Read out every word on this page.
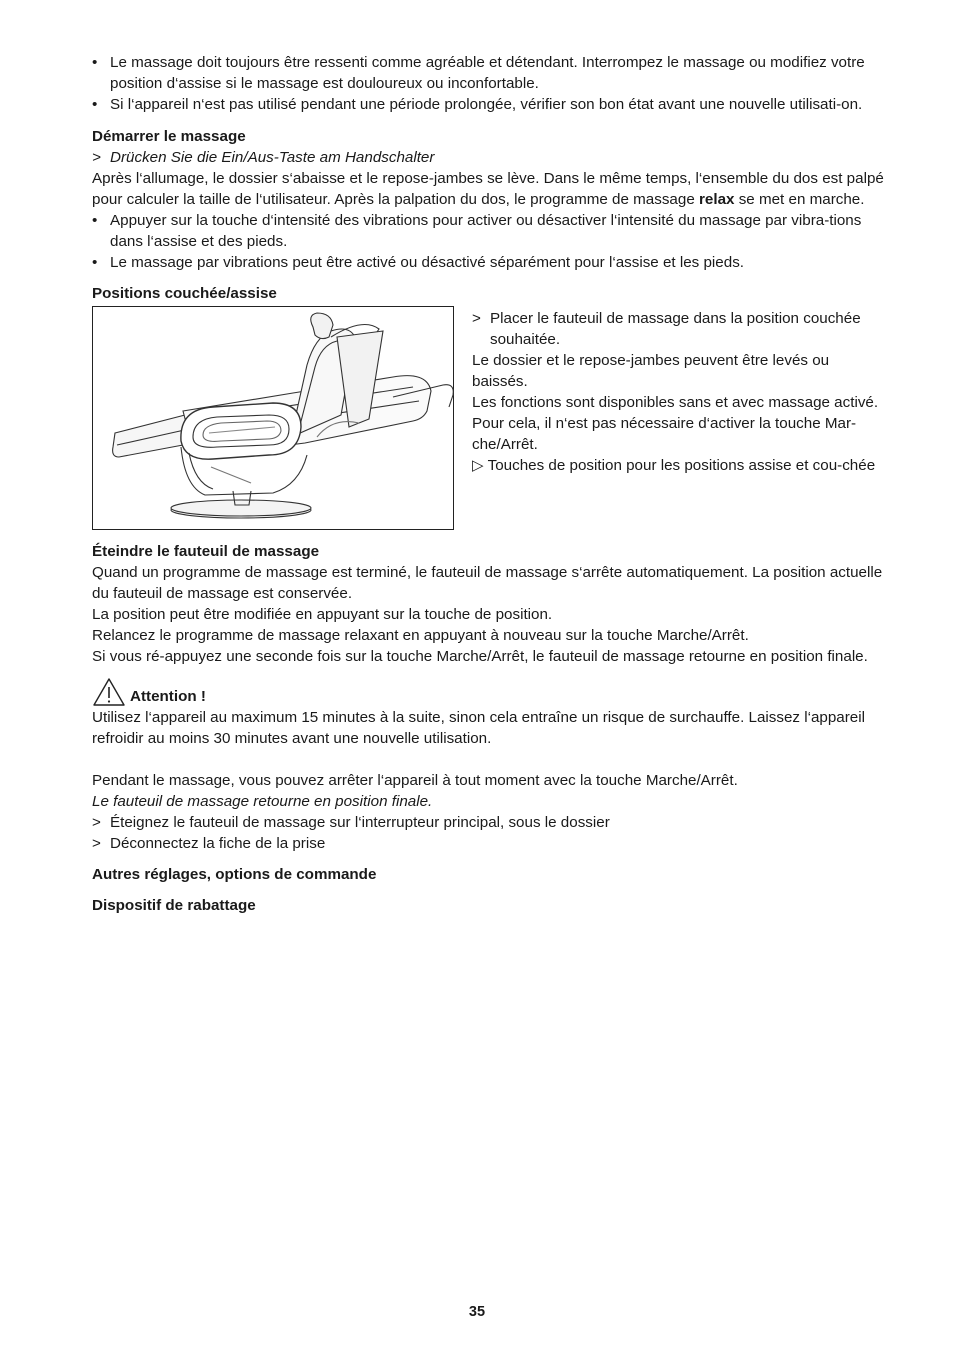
• Le massage doit toujours être ressenti comme agréable et détendant. Interrompez le massage ou modifiez votre position d‘assise si le massage est douloureux ou inconfortable.

• Si l‘appareil n‘est pas utilisé pendant une période prolongée, vérifier son bon état avant une nouvelle utilisati-on.

Démarrer le massage

> Drücken Sie die Ein/Aus-Taste am Handschalter

Après l‘allumage, le dossier s‘abaisse et le repose-jambes se lève. Dans le même temps, l‘ensemble du dos est palpé pour calculer la taille de l‘utilisateur. Après la palpation du dos, le programme de massage relax se met en marche.

• Appuyer sur la touche d‘intensité des vibrations pour activer ou désactiver l‘intensité du massage par vibra-tions dans l‘assise et des pieds.

• Le massage par vibrations peut être activé ou désactivé séparément pour l‘assise et les pieds.

Positions couchée/assise

> Placer le fauteuil de massage dans la position couchée souhaitée.

Le dossier et le repose-jambes peuvent être levés ou baissés.

Les fonctions sont disponibles sans et avec massage activé.

Pour cela, il n‘est pas nécessaire d‘activer la touche Mar-che/Arrêt.

▷ Touches de position pour les positions assise et cou-chée

Éteindre le fauteuil de massage

Quand un programme de massage est terminé, le fauteuil de massage s‘arrête automatiquement. La position actuelle du fauteuil de massage est conservée.

La position peut être modifiée en appuyant sur la touche de position.

Relancez le programme de massage relaxant en appuyant à nouveau sur la touche Marche/Arrêt.

Si vous ré-appuyez une seconde fois sur la touche Marche/Arrêt, le fauteuil de massage retourne en position finale.

Attention !

Utilisez l‘appareil au maximum 15 minutes à la suite, sinon cela entraîne un risque de surchauffe. Laissez l‘appareil refroidir au moins 30 minutes avant une nouvelle utilisation.

Pendant le massage, vous pouvez arrêter l‘appareil à tout moment avec la touche Marche/Arrêt.

Le fauteuil de massage retourne en position finale.

> Éteignez le fauteuil de massage sur l‘interrupteur principal, sous le dossier

> Déconnectez la fiche de la prise

Autres réglages, options de commande

Dispositif de rabattage

35
